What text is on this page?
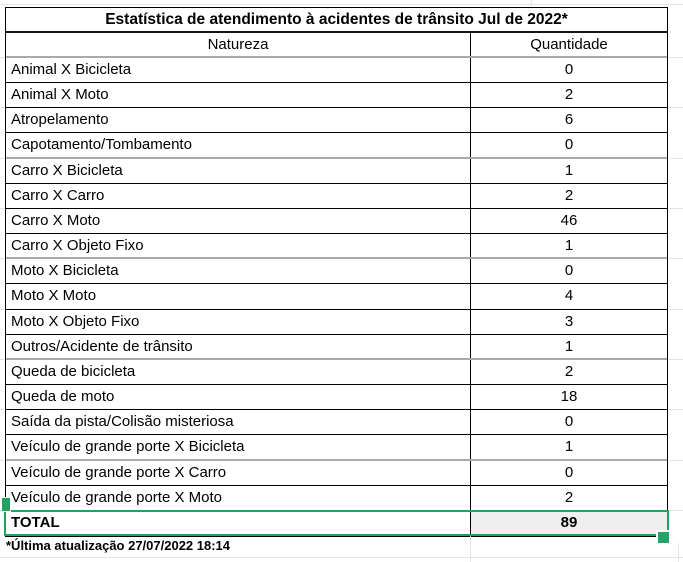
Estatística de atendimento à acidentes de trânsito Jul de 2022*
Natureza	Quantidade
Animal X Bicicleta	0
Animal X Moto	2
Atropelamento	6
Capotamento/Tombamento	0
Carro X Bicicleta	1
Carro X Carro	2
Carro X Moto	46
Carro X Objeto Fixo	1
Moto X Bicicleta	0
Moto X Moto	4
Moto X Objeto Fixo	3
Outros/Acidente de trânsito	1
Queda de bicicleta	2
Queda de moto	18
Saída da pista/Colisão misteriosa	0
Veículo de grande porte X Bicicleta	1
Veículo de grande porte X Carro	0
Veículo de grande porte X Moto	2
TOTAL	89
*Última atualização 27/07/2022 18:14
